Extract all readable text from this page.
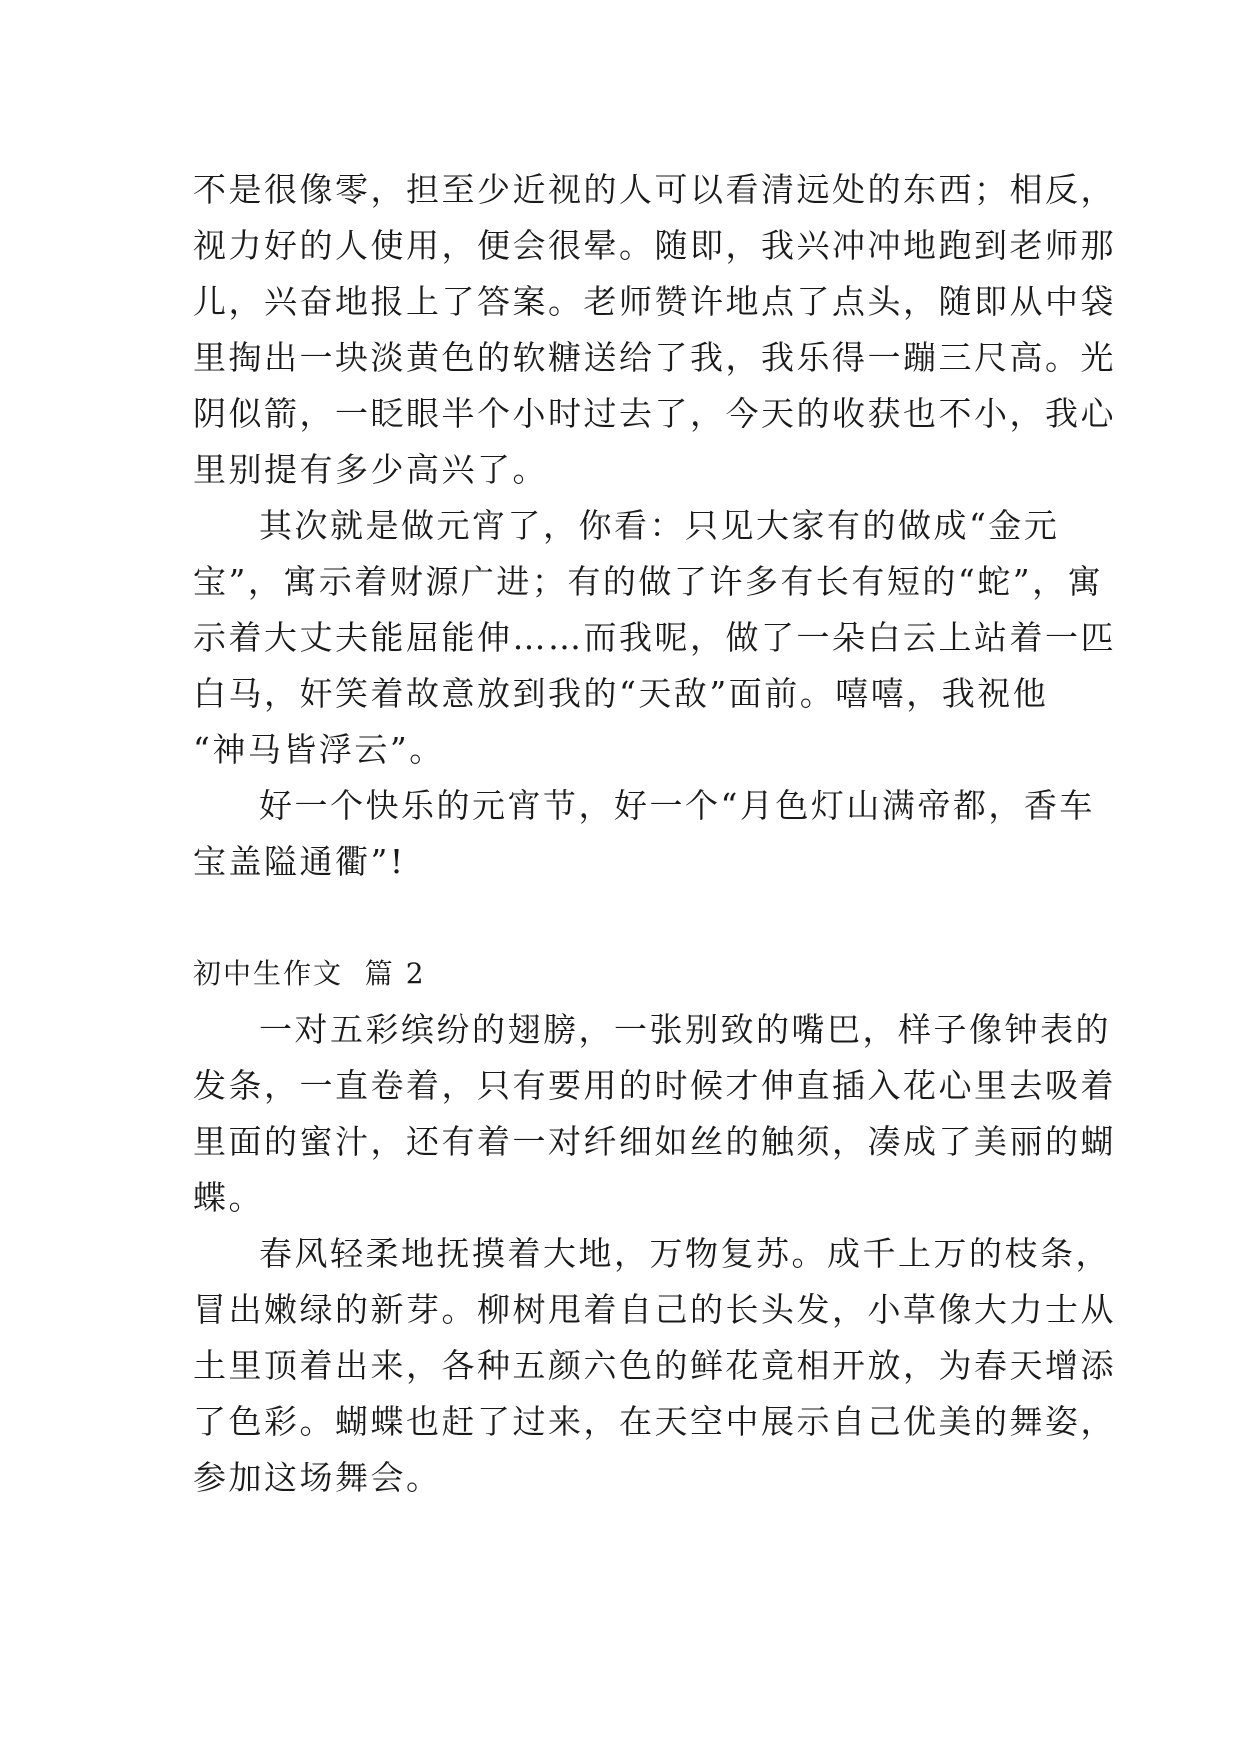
不是很像零，担至少近视的人可以看清远处的东西；相反，
视力好的人使用，便会很晕。随即，我兴冲冲地跑到老师那
儿，兴奋地报上了答案。老师赞许地点了点头，随即从中袋
里掏出一块淡黄色的软糖送给了我，我乐得一蹦三尺高。光
阴似箭，一眨眼半个小时过去了，今天的收获也不小，我心
里别提有多少高兴了。
其次就是做元宵了，你看：只见大家有的做成“金元
宝”，寓示着财源广进；有的做了许多有长有短的“蛇”，寓
示着大丈夫能屈能伸……而我呢，做了一朵白云上站着一匹
白马，奸笑着故意放到我的“天敌”面前。嘻嘻，我祝他
“神马皆浮云”。
好一个快乐的元宵节，好一个“月色灯山满帝都，香车
宝盖隘通衢”!
初中生作文  篇 2
一对五彩缤纷的翅膀，一张别致的嘴巴，样子像钟表的
发条，一直卷着，只有要用的时候才伸直插入花心里去吸着
里面的蜜汁，还有着一对纤细如丝的触须，凑成了美丽的蝴
蝶。
春风轻柔地抚摸着大地，万物复苏。成千上万的枝条，
冒出嫩绿的新芽。柳树甩着自己的长头发，小草像大力士从
土里顶着出来，各种五颜六色的鲜花竟相开放，为春天增添
了色彩。蝴蝶也赶了过来，在天空中展示自己优美的舞姿，
参加这场舞会。
